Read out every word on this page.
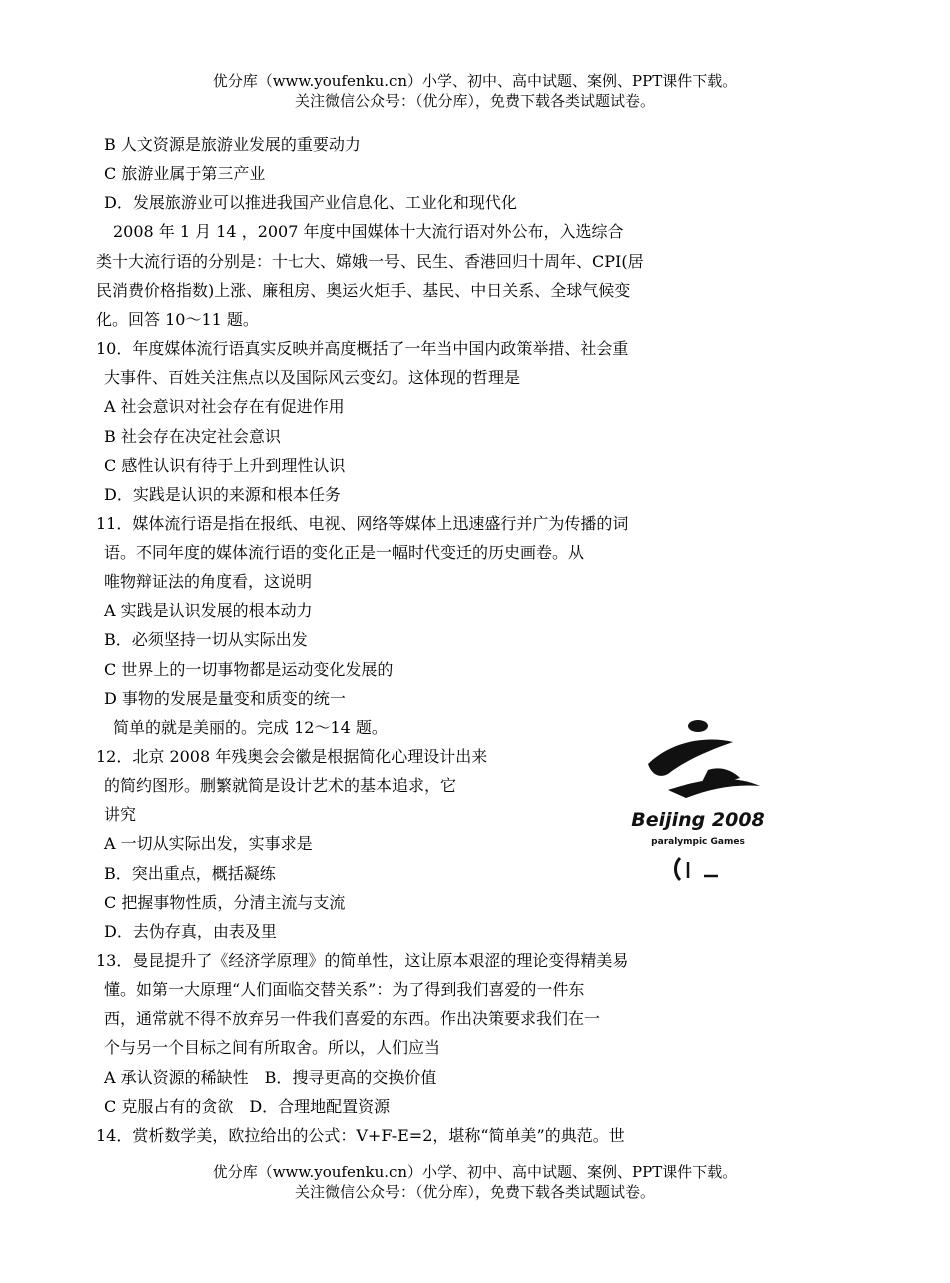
优分库（www.youfenku.cn）小学、初中、高中试题、案例、PPT课件下载。
关注微信公众号：（优分库），免费下载各类试题试卷。
B 人文资源是旅游业发展的重要动力
C 旅游业属于第三产业
D．发展旅游业可以推进我国产业信息化、工业化和现代化
2008 年 1 月 14 ，2007 年度中国媒体十大流行语对外公布，入选综合
类十大流行语的分别是：十七大、嫦娥一号、民生、香港回归十周年、CPI(居
民消费价格指数)上涨、廉租房、奥运火炬手、基民、中日关系、全球气候变
化。回答 10～11 题。
10．年度媒体流行语真实反映并高度概括了一年当中国内政策举措、社会重
大事件、百姓关注焦点以及国际风云变幻。这体现的哲理是
A 社会意识对社会存在有促进作用
B 社会存在决定社会意识
C 感性认识有待于上升到理性认识
D．实践是认识的来源和根本任务
11．媒体流行语是指在报纸、电视、网络等媒体上迅速盛行并广为传播的词
语。不同年度的媒体流行语的变化正是一幅时代变迁的历史画卷。从
唯物辩证法的角度看，这说明
A 实践是认识发展的根本动力
B．必须坚持一切从实际出发
C 世界上的一切事物都是运动变化发展的
D 事物的发展是量变和质变的统一
简单的就是美丽的。完成 12～14 题。
12．北京 2008 年残奥会会徽是根据简化心理设计出来
的简约图形。删繁就简是设计艺术的基本追求，它
讲究
A 一切从实际出发，实事求是
B．突出重点，概括凝练
C 把握事物性质，分清主流与支流
D．去伪存真，由表及里
13．曼昆提升了《经济学原理》的简单性，这让原本艰涩的理论变得精美易
懂。如第一大原理“人们面临交替关系”：为了得到我们喜爱的一件东
西，通常就不得不放弃另一件我们喜爱的东西。作出决策要求我们在一
个与另一个目标之间有所取舍。所以，人们应当
A 承认资源的稀缺性　B．搜寻更高的交换价值
C 克服占有的贪欲　D．合理地配置资源
14．赏析数学美，欧拉给出的公式：V+F-E=2，堪称“简单美”的典范。世
Beijing 2008
paralympic Games
优分库（www.youfenku.cn）小学、初中、高中试题、案例、PPT课件下载。
关注微信公众号：（优分库），免费下载各类试题试卷。
